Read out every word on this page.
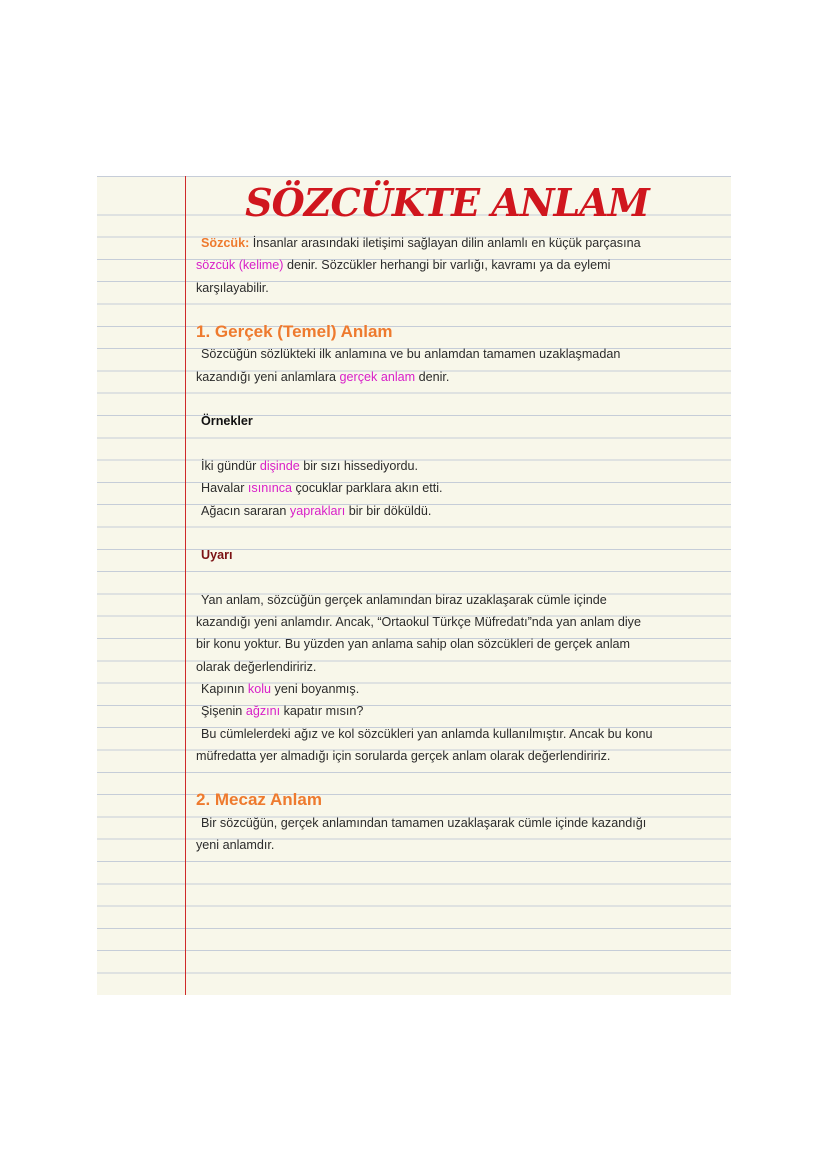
SÖZCÜKTE ANLAM

Sözcük: İnsanlar arasındaki iletişimi sağlayan dilin anlamlı en küçük parçasına

sözcük (kelime) denir. Sözcükler herhangi bir varlığı, kavramı ya da eylemi

karşılayabilir.

1. Gerçek (Temel) Anlam

Sözcüğün sözlükteki ilk anlamına ve bu anlamdan tamamen uzaklaşmadan

kazandığı yeni anlamlara gerçek anlam denir.

Örnekler

İki gündür dişinde bir sızı hissediyordu.

Havalar ısınınca çocuklar parklara akın etti.

Ağacın sararan yaprakları bir bir döküldü.

Uyarı

Yan anlam, sözcüğün gerçek anlamından biraz uzaklaşarak cümle içinde

kazandığı yeni anlamdır. Ancak, “Ortaokul Türkçe Müfredatı”nda yan anlam diye

bir konu yoktur. Bu yüzden yan anlama sahip olan sözcükleri de gerçek anlam

olarak değerlendiririz.

Kapının kolu yeni boyanmış.

Şişenin ağzını kapatır mısın?

Bu cümlelerdeki ağız ve kol sözcükleri yan anlamda kullanılmıştır. Ancak bu konu

müfredatta yer almadığı için sorularda gerçek anlam olarak değerlendiririz.

2. Mecaz Anlam

Bir sözcüğün, gerçek anlamından tamamen uzaklaşarak cümle içinde kazandığı

yeni anlamdır.
